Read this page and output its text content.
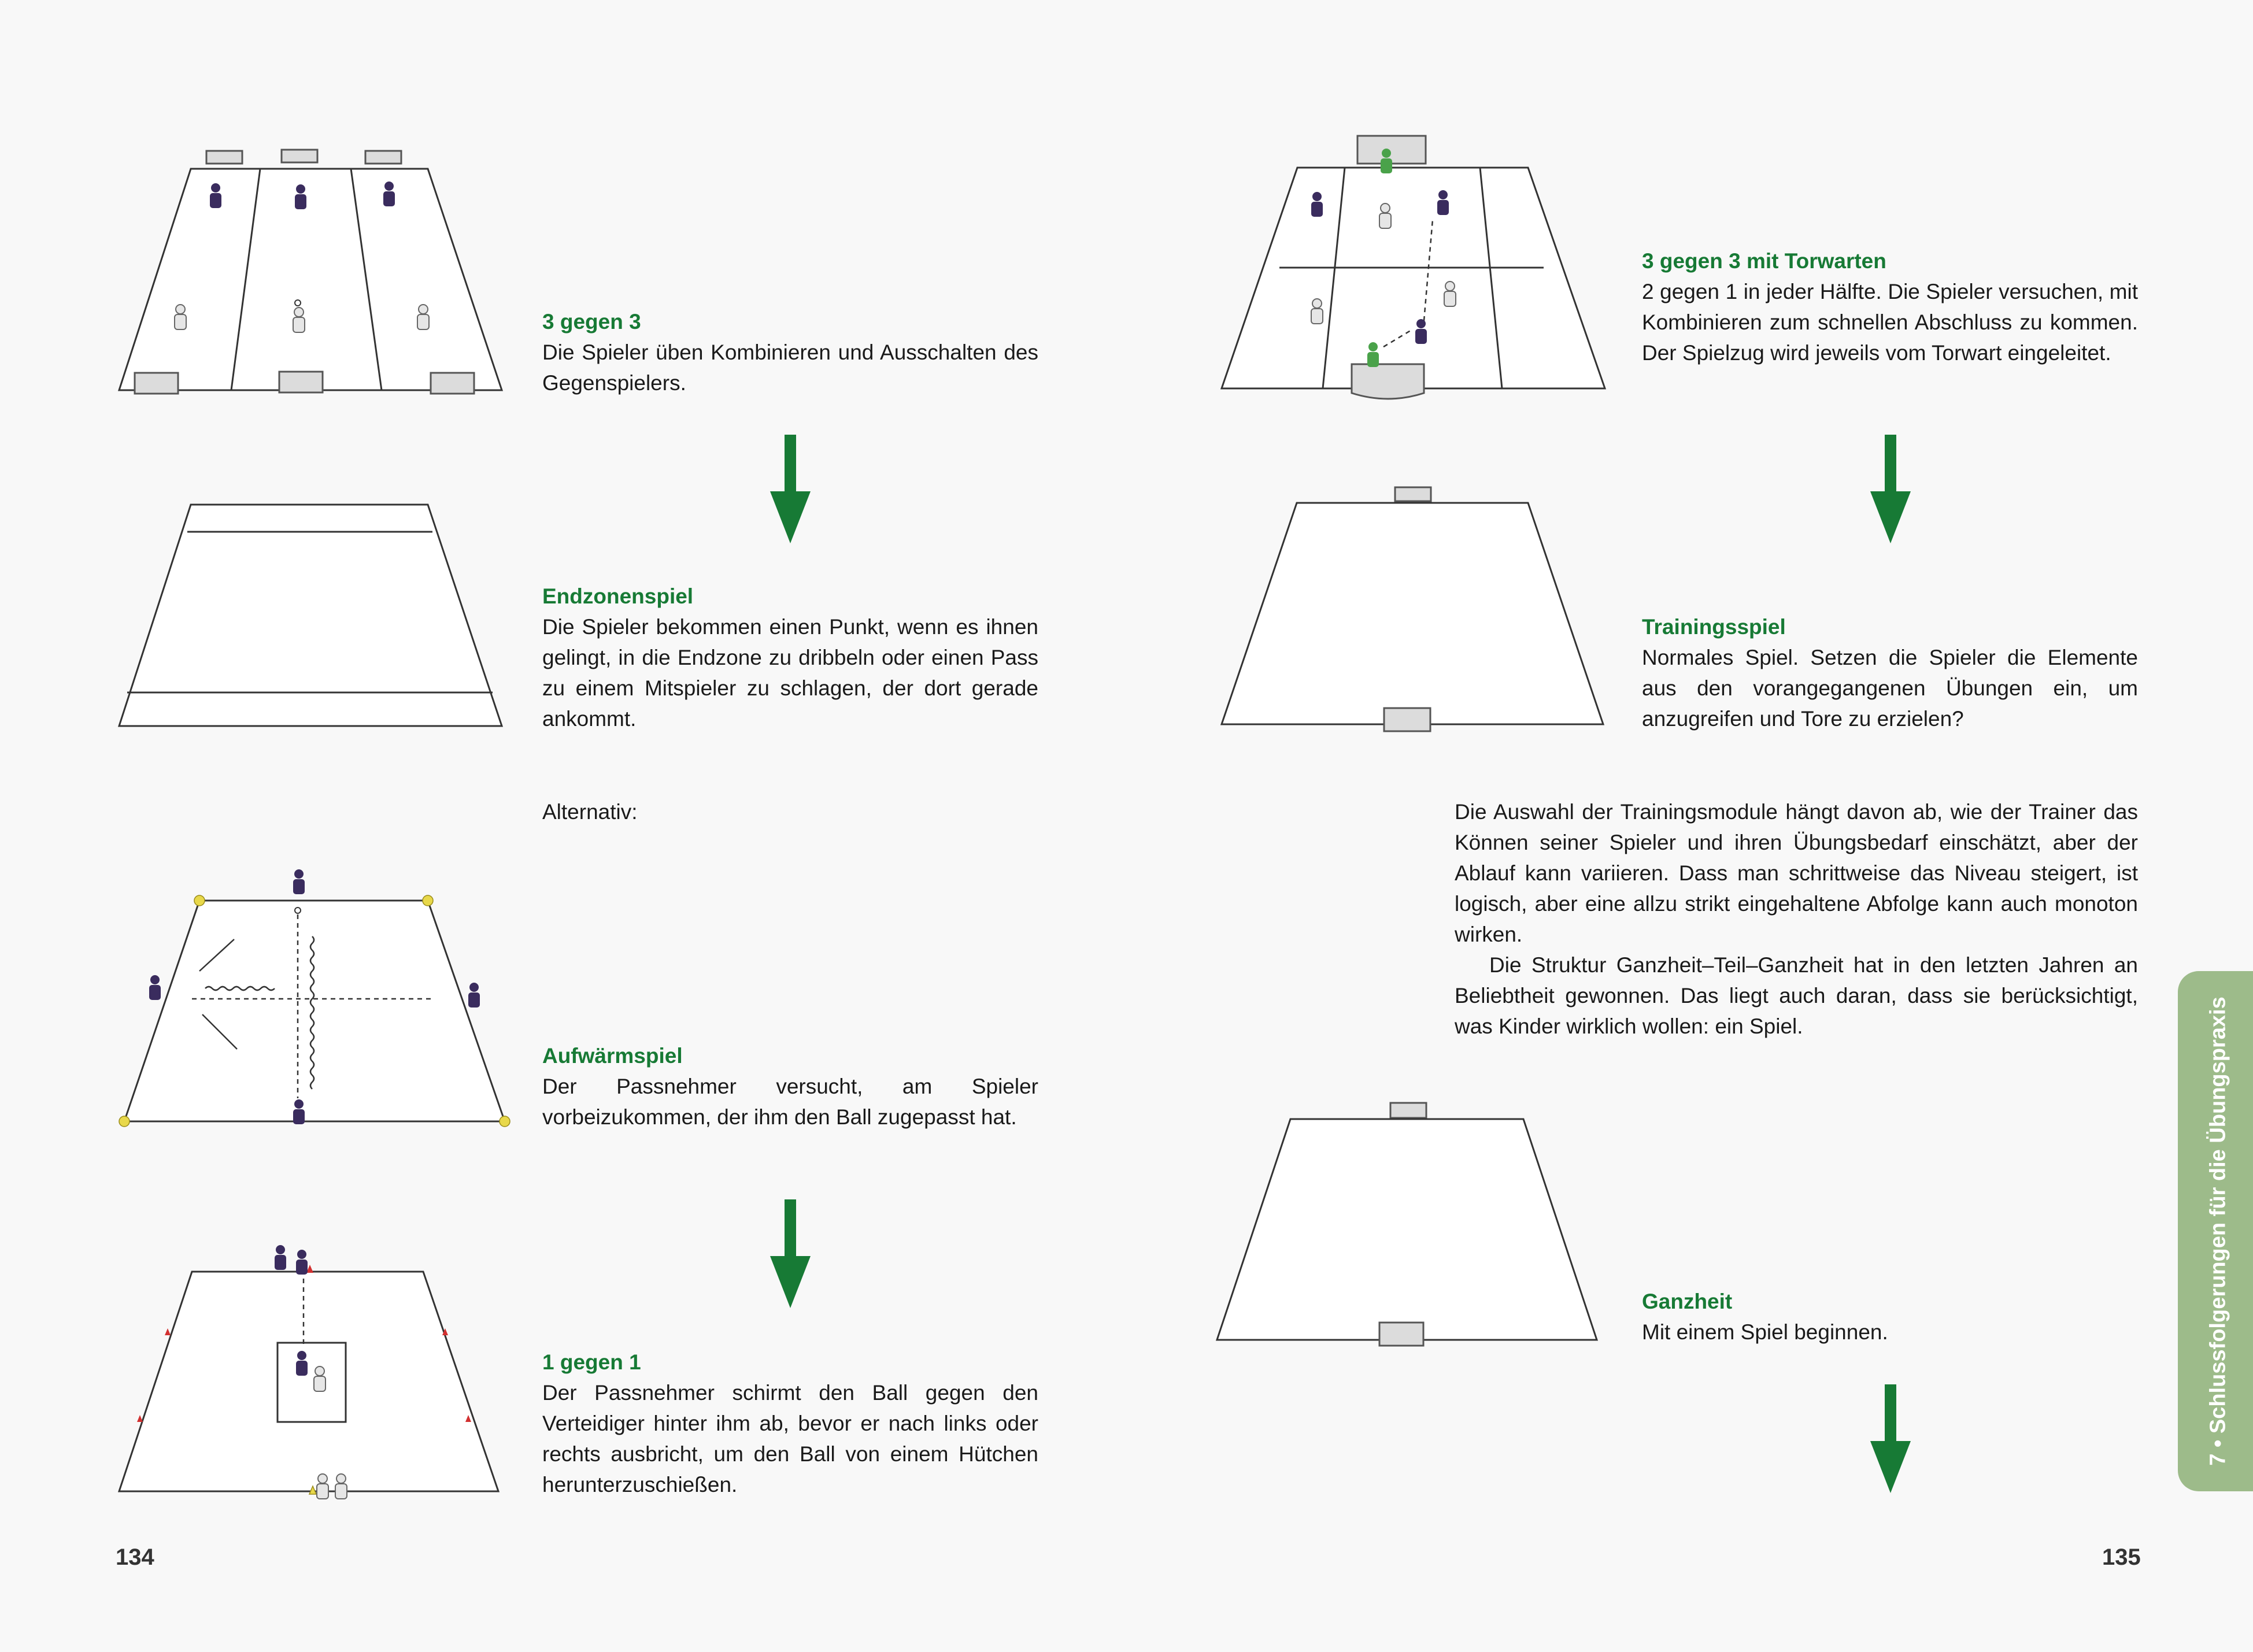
3 gegen 3
Die Spieler üben Kombinieren und Ausschalten des Gegenspielers.
Endzonenspiel
Die Spieler bekommen einen Punkt, wenn es ihnen gelingt, in die Endzone zu dribbeln oder einen Pass zu einem Mitspieler zu schlagen, der dort gerade ankommt.
Alternativ:
Aufwärmspiel
Der Passnehmer versucht, am Spieler vorbeizukommen, der ihm den Ball zugepasst hat.
1 gegen 1
Der Passnehmer schirmt den Ball gegen den Verteidiger hinter ihm ab, bevor er nach links oder rechts ausbricht, um den Ball von einem Hütchen herunterzuschießen.
134
3 gegen 3 mit Torwarten
2 gegen 1 in jeder Hälfte. Die Spieler versuchen, mit Kombinieren zum schnellen Abschluss zu kommen. Der Spielzug wird jeweils vom Torwart eingeleitet.
Trainingsspiel
Normales Spiel. Setzen die Spieler die Elemente aus den vorangegangenen Übungen ein, um anzugreifen und Tore zu erzielen?

Die Auswahl der Trainingsmodule hängt davon ab, wie der Trainer das Können seiner Spieler und ihren Übungsbedarf einschätzt, aber der Ablauf kann variieren. Dass man schrittweise das Niveau steigert, ist logisch, aber eine allzu strikt eingehaltene Abfolge kann auch monoton wirken.

Die Struktur Ganzheit–Teil–Ganzheit hat in den letzten Jahren an Beliebtheit gewonnen. Das liegt auch daran, dass sie berücksichtigt, was Kinder wirklich wollen: ein Spiel.

Ganzheit
Mit einem Spiel beginnen.
135
7 • Schlussfolgerungen für die Übungspraxis
